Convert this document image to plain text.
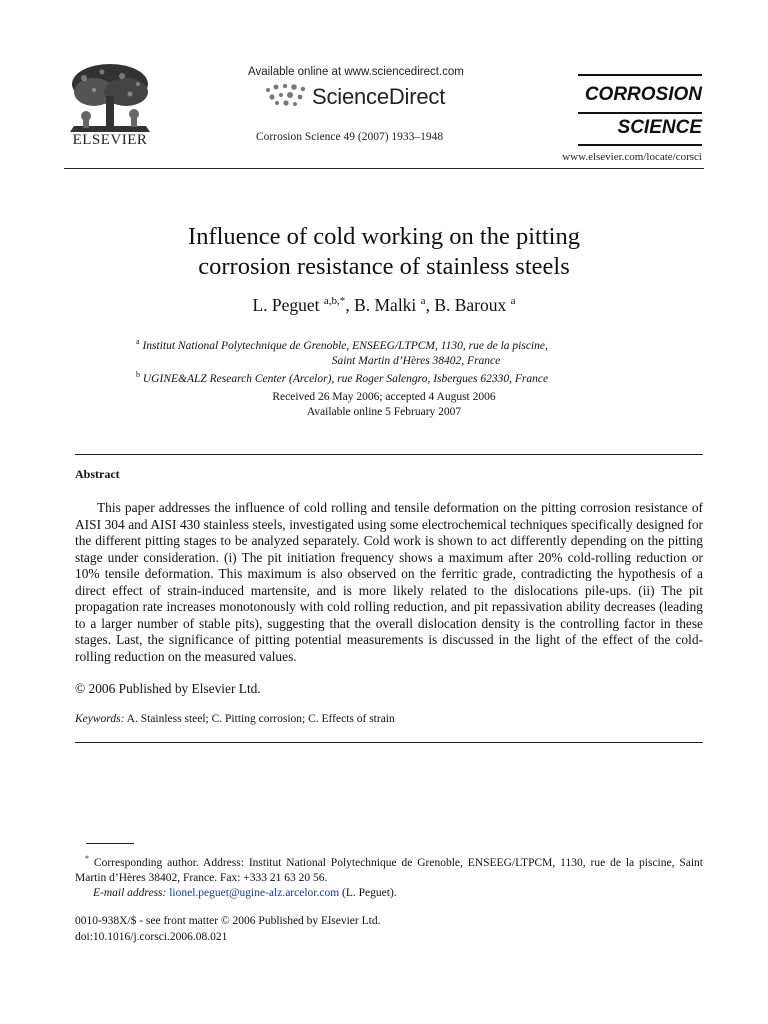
ELSEVIER
Available online at www.sciencedirect.com
ScienceDirect
Corrosion Science 49 (2007) 1933–1948
CORROSION
SCIENCE
www.elsevier.com/locate/corsci
Influence of cold working on the pitting
corrosion resistance of stainless steels
L. Peguet $^{a,b,*}$, B. Malki $^a$, B. Baroux $^a$
$^a$ Institut National Polytechnique de Grenoble, ENSEEG/LTPCM, 1130, rue de la piscine,
Saint Martin d’Hères 38402, France
$^b$ UGINE&ALZ Research Center (Arcelor), rue Roger Salengro, Isbergues 62330, France
Received 26 May 2006; accepted 4 August 2006
Available online 5 February 2007
Abstract
This paper addresses the influence of cold rolling and tensile deformation on the pitting corrosion resistance of AISI 304 and AISI 430 stainless steels, investigated using some electrochemical techniques specifically designed for the different pitting stages to be analyzed separately. Cold work is shown to act differently depending on the pitting stage under consideration. (i) The pit initiation frequency shows a maximum after 20% cold-rolling reduction or 10% tensile deformation. This maximum is also observed on the ferritic grade, contradicting the hypothesis of a direct effect of strain-induced martensite, and is more likely related to the dislocations pile-ups. (ii) The pit propagation rate increases monotonously with cold rolling reduction, and pit repassivation ability decreases (leading to a larger number of stable pits), suggesting that the overall dislocation density is the controlling factor in these stages. Last, the significance of pitting potential measurements is discussed in the light of the effect of the cold-rolling reduction on the measured values.
© 2006 Published by Elsevier Ltd.
Keywords: A. Stainless steel; C. Pitting corrosion; C. Effects of strain
* Corresponding author. Address: Institut National Polytechnique de Grenoble, ENSEEG/LTPCM, 1130, rue de la piscine, Saint Martin d’Hères 38402, France. Fax: +333 21 63 20 56.
E-mail address: lionel.peguet@ugine-alz.arcelor.com (L. Peguet).
0010-938X/$ - see front matter © 2006 Published by Elsevier Ltd.
doi:10.1016/j.corsci.2006.08.021
